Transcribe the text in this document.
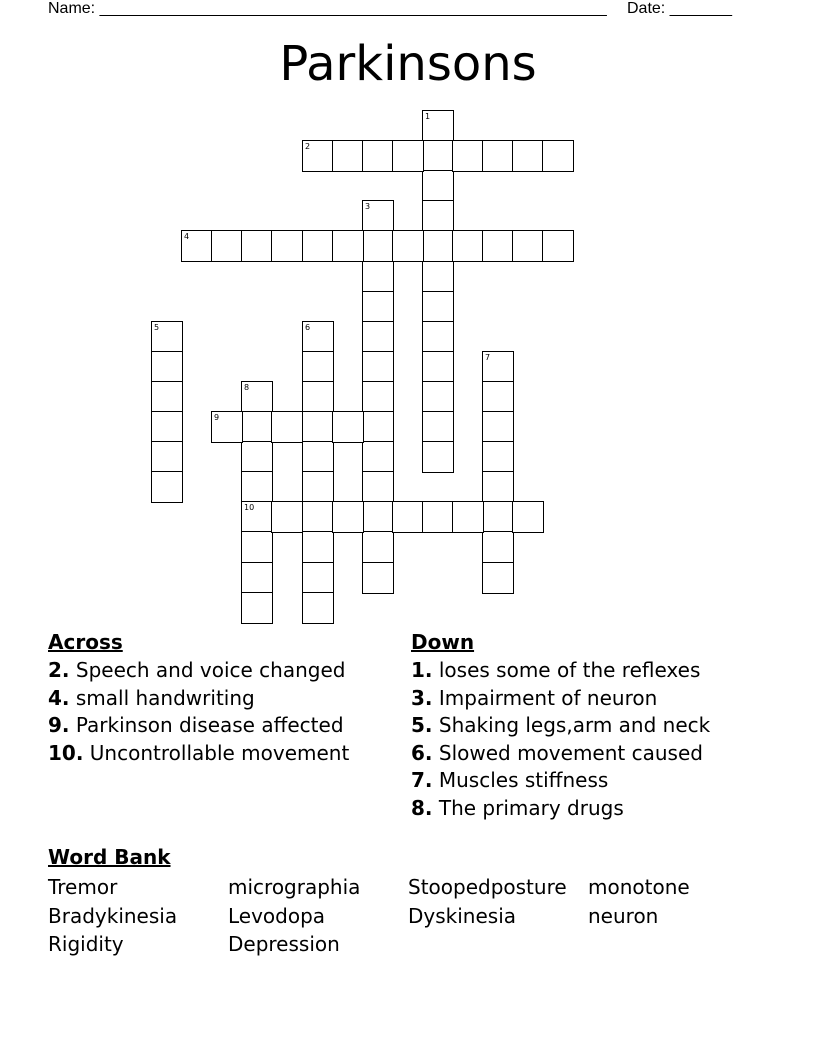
Name: _________________________________________________________ Date: _______
Parkinsons
1
2
3
4
5	6
7
8
10
9
Across
2. Speech and voice changed
4. small handwriting
9. Parkinson disease affected
10. Uncontrollable movement
Down
1. loses some of the reflexes
3. Impairment of neuron
5. Shaking legs,arm and neck
6. Slowed movement caused
7. Muscles stiffness
8. The primary drugs
Word Bank
Tremor	micrographia	Stoopedposture	monotone
Bradykinesia	Levodopa	Dyskinesia	neuron
Rigidity	Depression
